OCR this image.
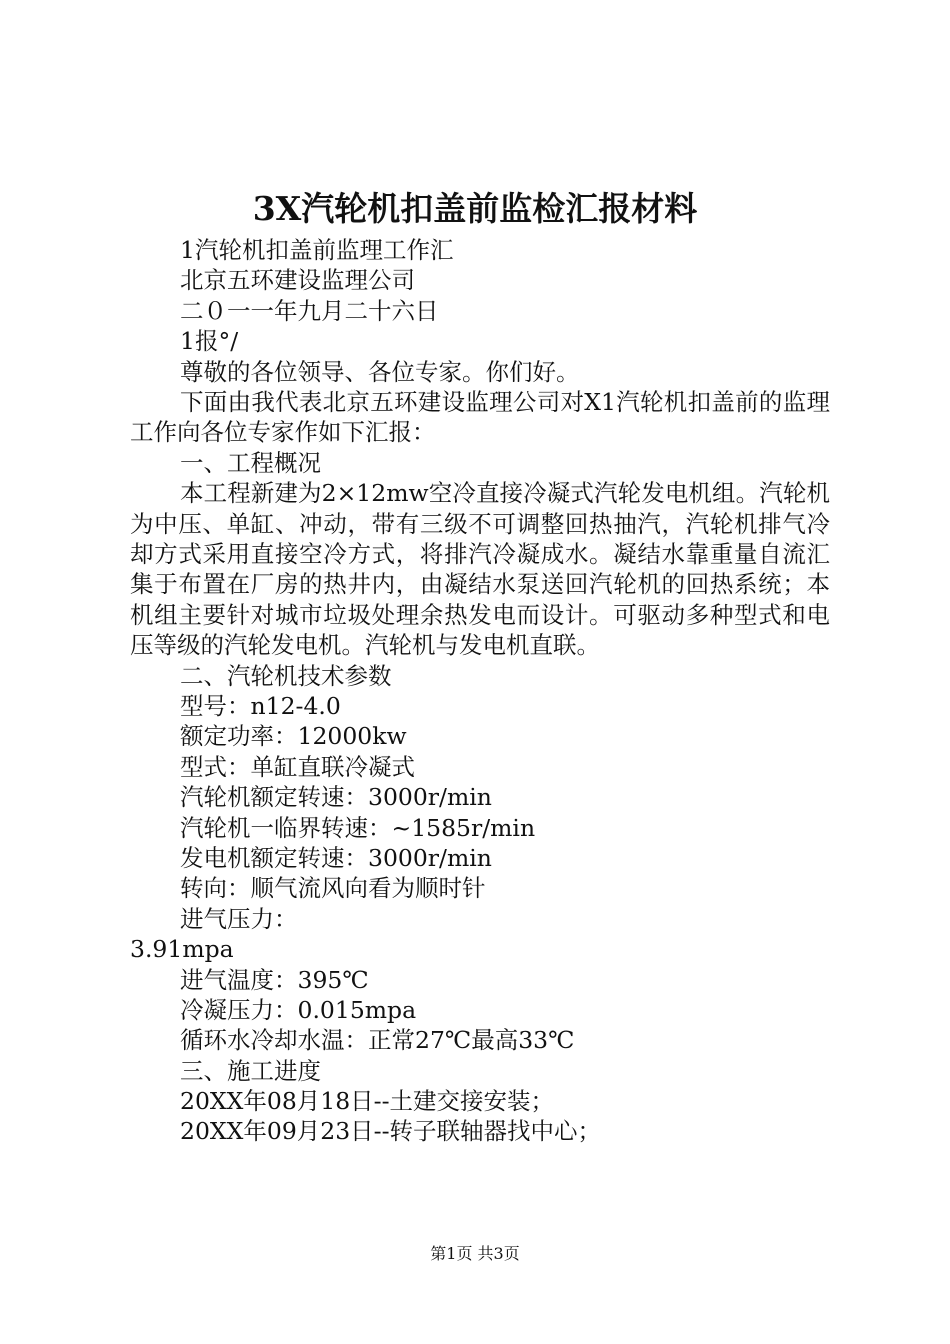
3X汽轮机扣盖前监检汇报材料
1汽轮机扣盖前监理工作汇
北京五环建设监理公司
二０一一年九月二十六日
1报°/
尊敬的各位领导、各位专家。你们好。
下面由我代表北京五环建设监理公司对X1汽轮机扣盖前的监理工作向各位专家作如下汇报：
一、工程概况
本工程新建为2×12mw空冷直接冷凝式汽轮发电机组。汽轮机为中压、单缸、冲动，带有三级不可调整回热抽汽，汽轮机排气冷却方式采用直接空冷方式，将排汽冷凝成水。凝结水靠重量自流汇集于布置在厂房的热井内，由凝结水泵送回汽轮机的回热系统；本机组主要针对城市垃圾处理余热发电而设计。可驱动多种型式和电压等级的汽轮发电机。汽轮机与发电机直联。
二、汽轮机技术参数
型号：n12-4.0
额定功率：12000kw
型式：单缸直联冷凝式
汽轮机额定转速：3000r/min
汽轮机一临界转速：~1585r/min
发电机额定转速：3000r/min
转向：顺气流风向看为顺时针
进气压力：
3.91mpa
进气温度：395℃
冷凝压力：0.015mpa
循环水冷却水温：正常27℃最高33℃
三、施工进度
20XX年08月18日--土建交接安装；
20XX年09月23日--转子联轴器找中心；
第1页 共3页
